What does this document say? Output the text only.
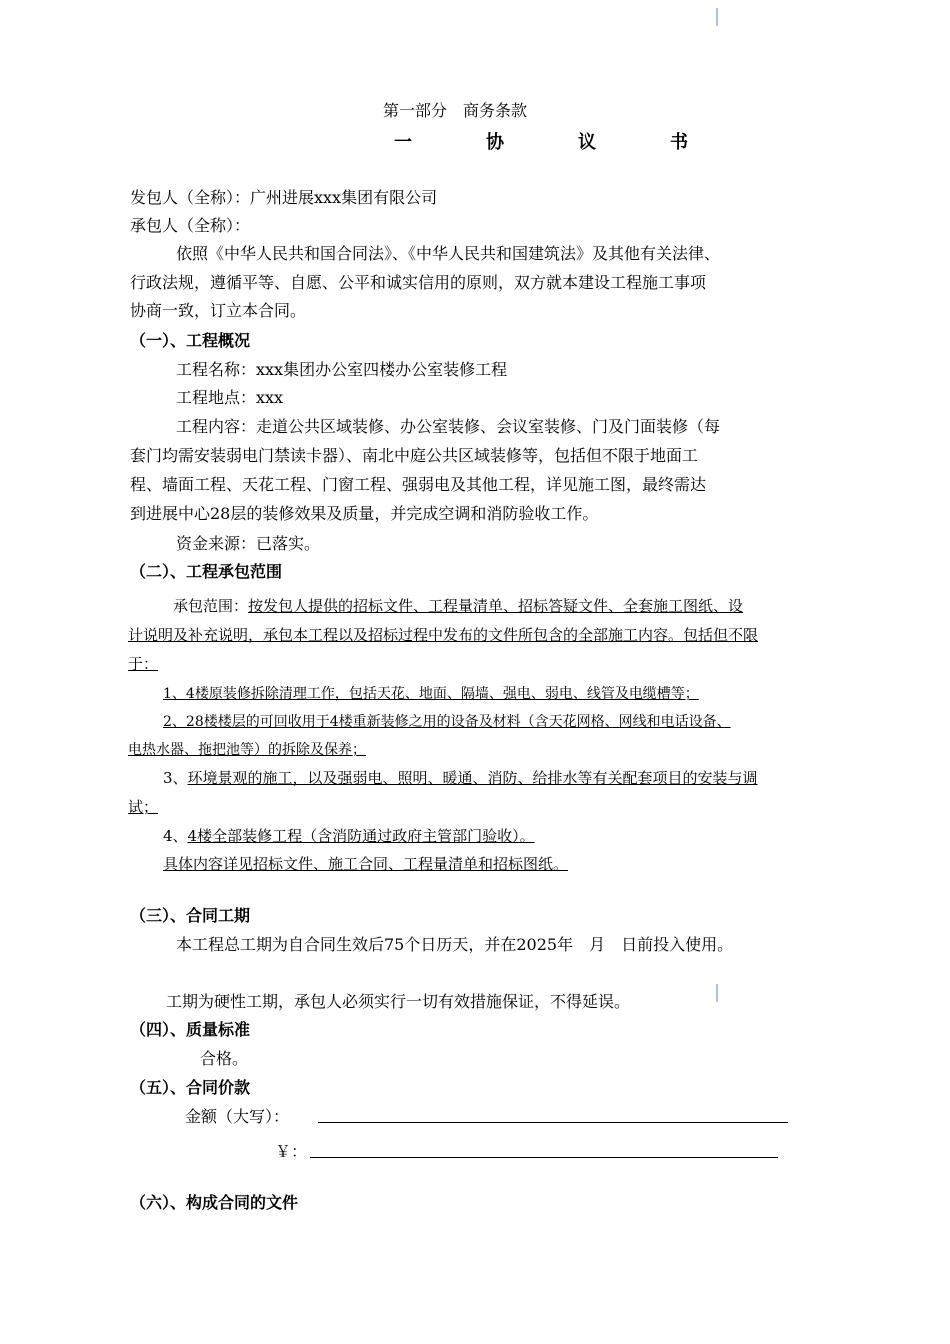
第一部分　商务条款
一　协　议　书
发包人（全称）：广州进展xxx集团有限公司
承包人（全称）：
依照《中华人民共和国合同法》、《中华人民共和国建筑法》及其他有关法律、
行政法规，遵循平等、自愿、公平和诚实信用的原则，双方就本建设工程施工事项
协商一致，订立本合同。
（一）、工程概况
工程名称：xxx集团办公室四楼办公室装修工程
工程地点：xxx
工程内容：走道公共区域装修、办公室装修、会议室装修、门及门面装修（每
套门均需安装弱电门禁读卡器）、南北中庭公共区域装修等，包括但不限于地面工
程、墙面工程、天花工程、门窗工程、强弱电及其他工程，详见施工图，最终需达
到进展中心28层的装修效果及质量，并完成空调和消防验收工作。
资金来源：已落实。
（二）、工程承包范围
承包范围：按发包人提供的招标文件、工程量清单、招标答疑文件、全套施工图纸、设
计说明及补充说明，承包本工程以及招标过程中发布的文件所包含的全部施工内容。包括但不限
于：
1、4楼原装修拆除清理工作，包括天花、地面、隔墙、强电、弱电、线管及电缆槽等；
2、28楼楼层的可回收用于4楼重新装修之用的设备及材料（含天花网格、网线和电话设备、
电热水器、拖把池等）的拆除及保养；
3、环境景观的施工，以及强弱电、照明、暖通、消防、给排水等有关配套项目的安装与调
试；
4、4楼全部装修工程（含消防通过政府主管部门验收）。
具体内容详见招标文件、施工合同、工程量清单和招标图纸。
（三）、合同工期
本工程总工期为自合同生效后75个日历天，并在2025年　月　日前投入使用。
工期为硬性工期，承包人必须实行一切有效措施保证，不得延误。
（四）、质量标准
合格。
（五）、合同价款
金额（大写）：
￥：
（六）、构成合同的文件
